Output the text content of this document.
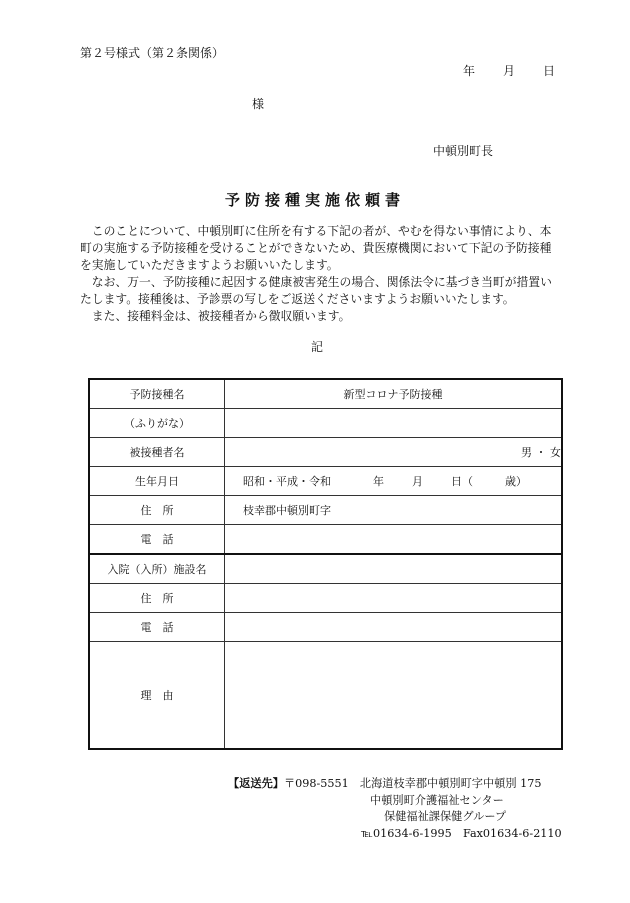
第２号様式（第２条関係）
年 月 日
様
中頓別町長
予防接種実施依頼書

このことについて、中頓別町に住所を有する下記の者が、やむを得ない事情により、本町の実施する予防接種を受けることができないため、貴医療機関において下記の予防接種を実施していただきますようお願いいたします。

なお、万一、予防接種に起因する健康被害発生の場合、関係法令に基づき当町が措置いたします。接種後は、予診票の写しをご返送くださいますようお願いいたします。

また、接種料金は、被接種者から徴収願います。

記
予防接種名	新型コロナ予防接種
（ふりがな）	
被接種者名	男 ・ 女
生年月日	昭和・平成・令和 年 月 日（ 歳）
住　所	枝幸郡中頓別町字
電　話	
入院（入所）施設名	
住　所	
電　話	
理　由	
【返送先】〒098-5551　北海道枝幸郡中頓別町字中頓別 175
中頓別町介護福祉センター
保健福祉課保健グループ
℡01634-6-1995　Fax01634-6-2110
